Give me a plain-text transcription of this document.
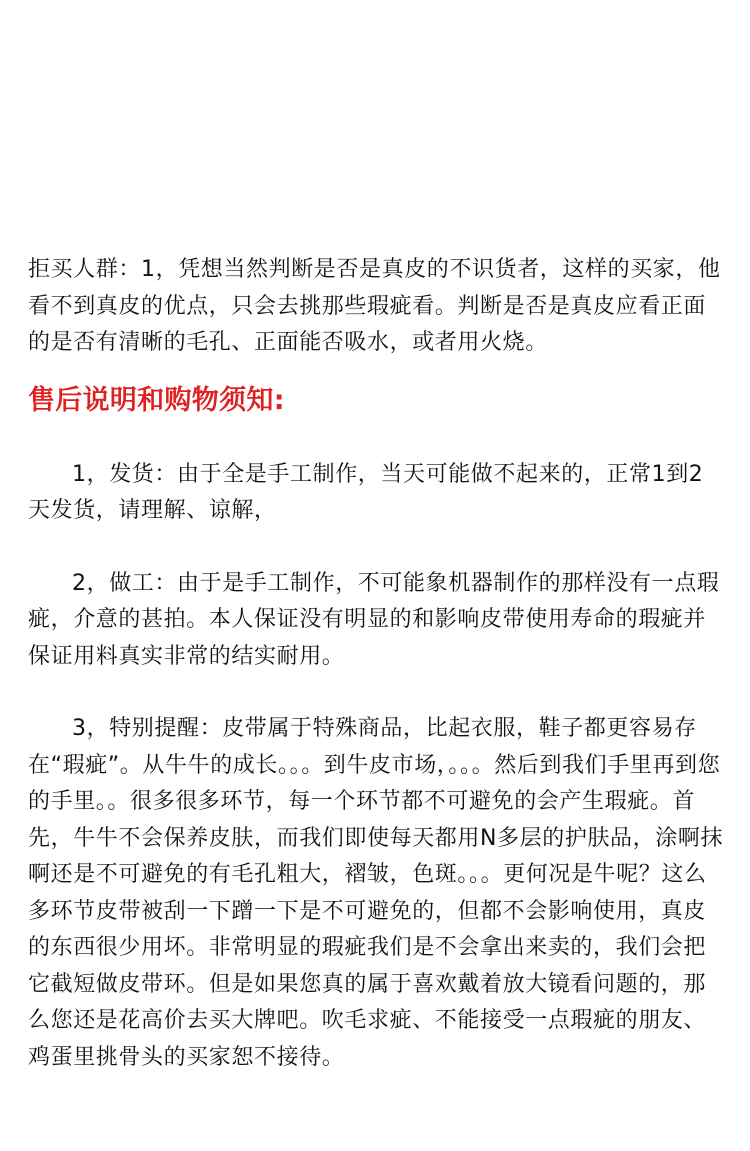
拒买人群：1，凭想当然判断是否是真皮的不识货者，这样的买家，他看不到真皮的优点，只会去挑那些瑕疵看。判断是否是真皮应看正面的是否有清晰的毛孔、正面能否吸水，或者用火烧。

售后说明和购物须知:

1，发货：由于全是手工制作，当天可能做不起来的，正常1到2天发货，请理解、谅解，

2，做工：由于是手工制作，不可能象机器制作的那样没有一点瑕疵，介意的甚拍。本人保证没有明显的和影响皮带使用寿命的瑕疵并保证用料真实非常的结实耐用。

3，特别提醒：皮带属于特殊商品，比起衣服，鞋子都更容易存在“瑕疵”。从牛牛的成长。。。到牛皮市场，。。。然后到我们手里再到您的手里。。很多很多环节，每一个环节都不可避免的会产生瑕疵。首先，牛牛不会保养皮肤，而我们即使每天都用N多层的护肤品，涂啊抹啊还是不可避免的有毛孔粗大，褶皱，色斑。。。更何况是牛呢？这么多环节皮带被刮一下蹭一下是不可避免的，但都不会影响使用，真皮的东西很少用坏。非常明显的瑕疵我们是不会拿出来卖的，我们会把它截短做皮带环。但是如果您真的属于喜欢戴着放大镜看问题的，那么您还是花高价去买大牌吧。吹毛求疵、不能接受一点瑕疵的朋友、鸡蛋里挑骨头的买家恕不接待。
